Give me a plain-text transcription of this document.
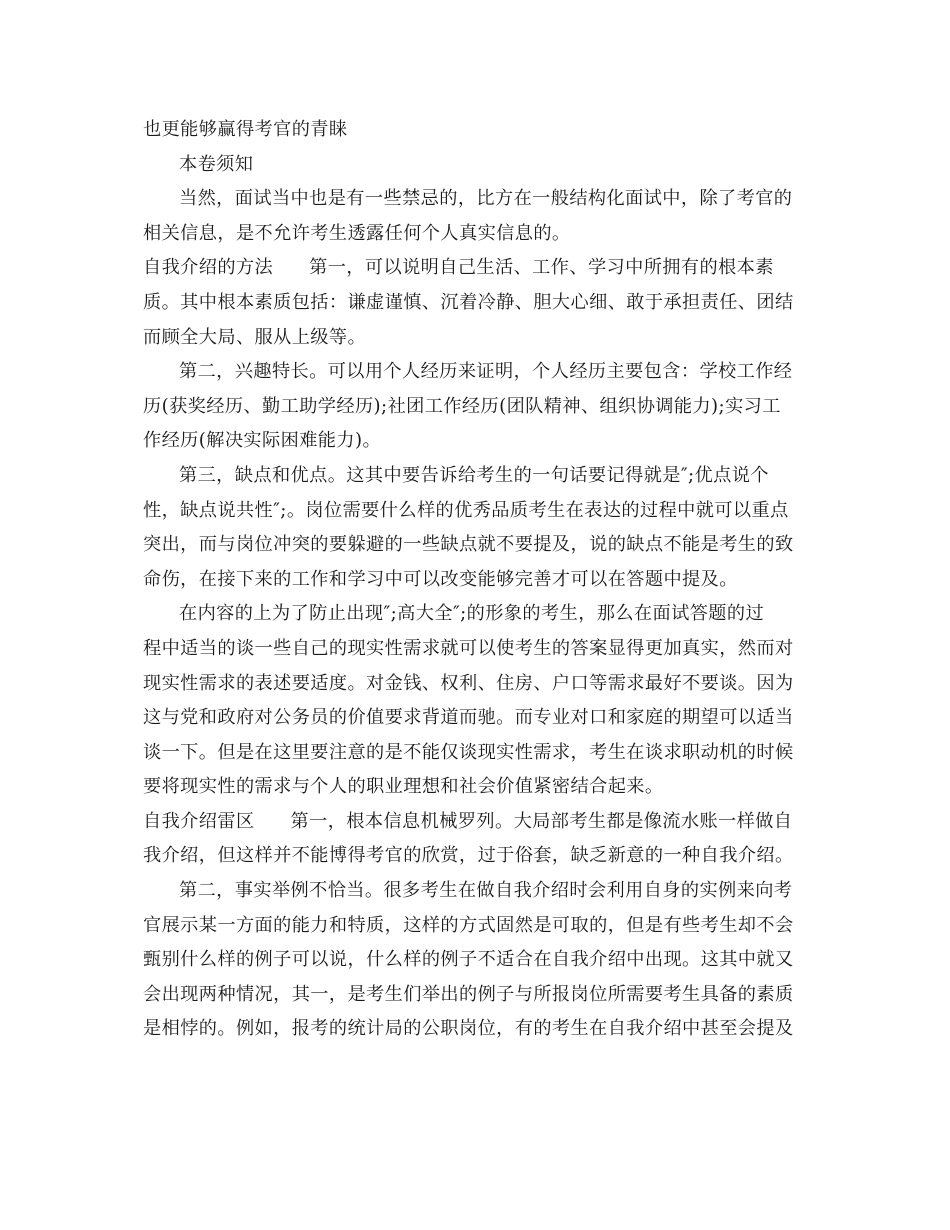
也更能够赢得考官的青睐
本卷须知
当然，面试当中也是有一些禁忌的，比方在一般结构化面试中，除了考官的
相关信息，是不允许考生透露任何个人真实信息的。
自我介绍的方法 第一，可以说明自己生活、工作、学习中所拥有的根本素
质。其中根本素质包括：谦虚谨慎、沉着冷静、胆大心细、敢于承担责任、团结
而顾全大局、服从上级等。
第二，兴趣特长。可以用个人经历来证明，个人经历主要包含：学校工作经
历(获奖经历、勤工助学经历);社团工作经历(团队精神、组织协调能力);实习工
作经历(解决实际困难能力)。
第三，缺点和优点。这其中要告诉给考生的一句话要记得就是″;优点说个
性，缺点说共性″;。岗位需要什么样的优秀品质考生在表达的过程中就可以重点
突出，而与岗位冲突的要躲避的一些缺点就不要提及，说的缺点不能是考生的致
命伤，在接下来的工作和学习中可以改变能够完善才可以在答题中提及。
在内容的上为了防止出现″;高大全″;的形象的考生，那么在面试答题的过
程中适当的谈一些自己的现实性需求就可以使考生的答案显得更加真实，然而对
现实性需求的表述要适度。对金钱、权利、住房、户口等需求最好不要谈。因为
这与党和政府对公务员的价值要求背道而驰。而专业对口和家庭的期望可以适当
谈一下。但是在这里要注意的是不能仅谈现实性需求，考生在谈求职动机的时候
要将现实性的需求与个人的职业理想和社会价值紧密结合起来。
自我介绍雷区 第一，根本信息机械罗列。大局部考生都是像流水账一样做自
我介绍，但这样并不能博得考官的欣赏，过于俗套，缺乏新意的一种自我介绍。
第二，事实举例不恰当。很多考生在做自我介绍时会利用自身的实例来向考
官展示某一方面的能力和特质，这样的方式固然是可取的，但是有些考生却不会
甄别什么样的例子可以说，什么样的例子不适合在自我介绍中出现。这其中就又
会出现两种情况，其一，是考生们举出的例子与所报岗位所需要考生具备的素质
是相悖的。例如，报考的统计局的公职岗位，有的考生在自我介绍中甚至会提及
